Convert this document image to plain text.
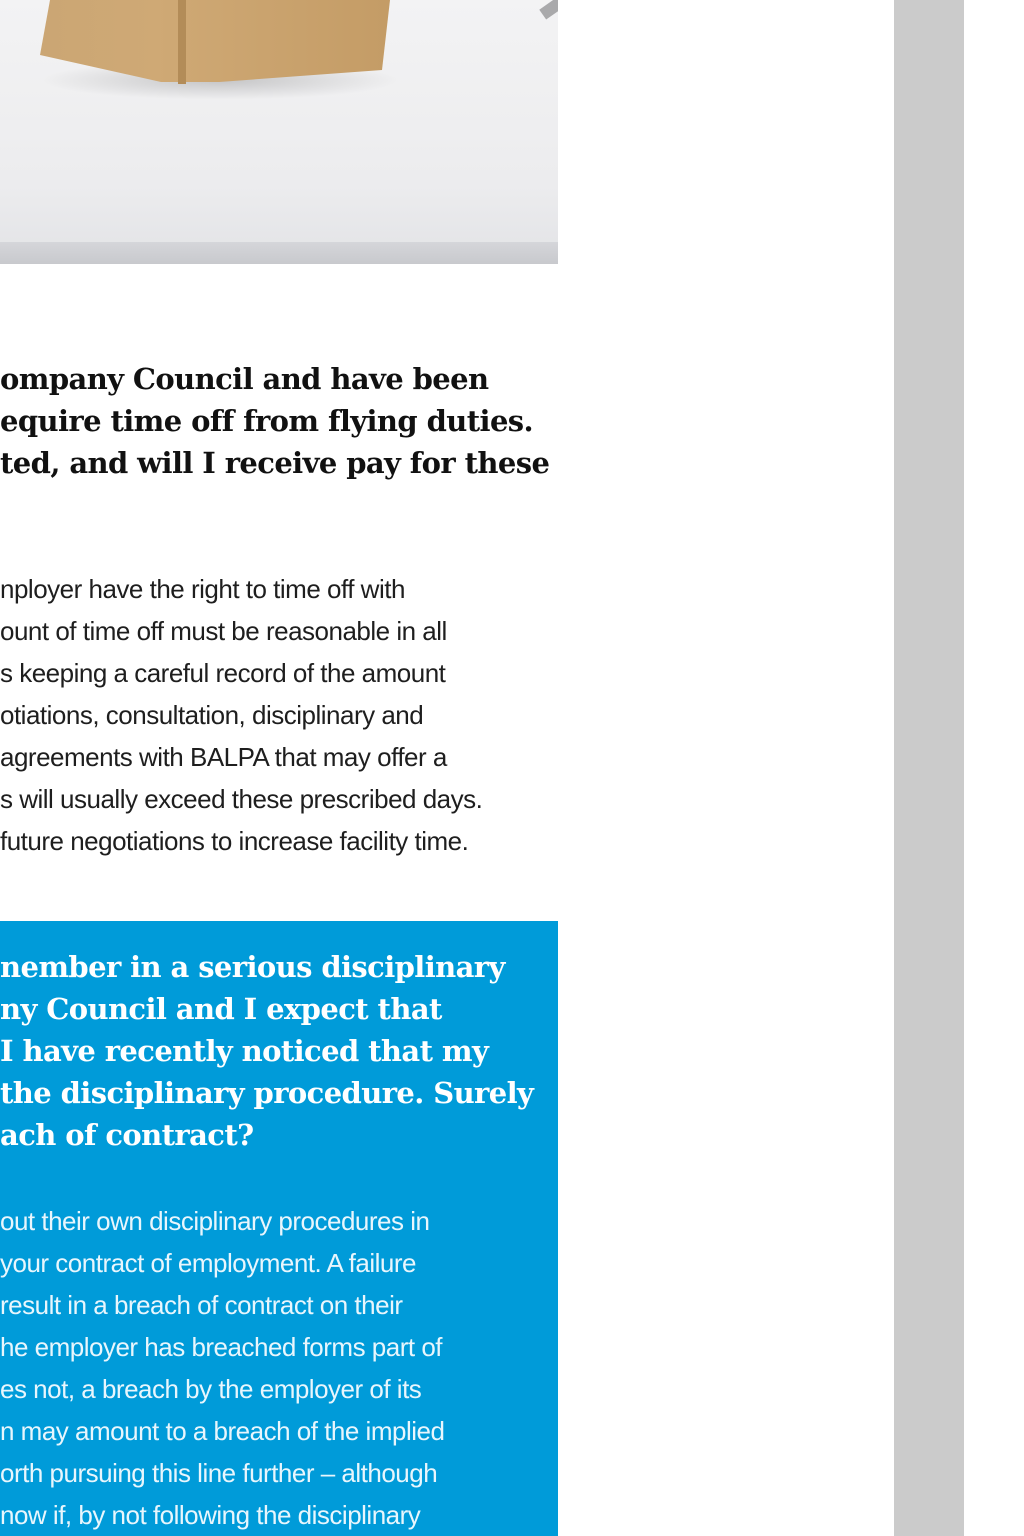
ompany Council and have been
equire time off from flying duties.
ted, and will I receive pay for these

nployer have the right to time off with
ount of time off must be reasonable in all
s keeping a careful record of the amount
otiations, consultation, disciplinary and
agreements with BALPA that may offer a
s will usually exceed these prescribed days.
future negotiations to increase facility time.

nember in a serious disciplinary
ny Council and I expect that
I have recently noticed that my
the disciplinary procedure. Surely
ach of contract?

out their own disciplinary procedures in
your contract of employment. A failure
result in a breach of contract on their
he employer has breached forms part of
es not, a breach by the employer of its
n may amount to a breach of the implied
orth pursuing this line further – although
now if, by not following the disciplinary
